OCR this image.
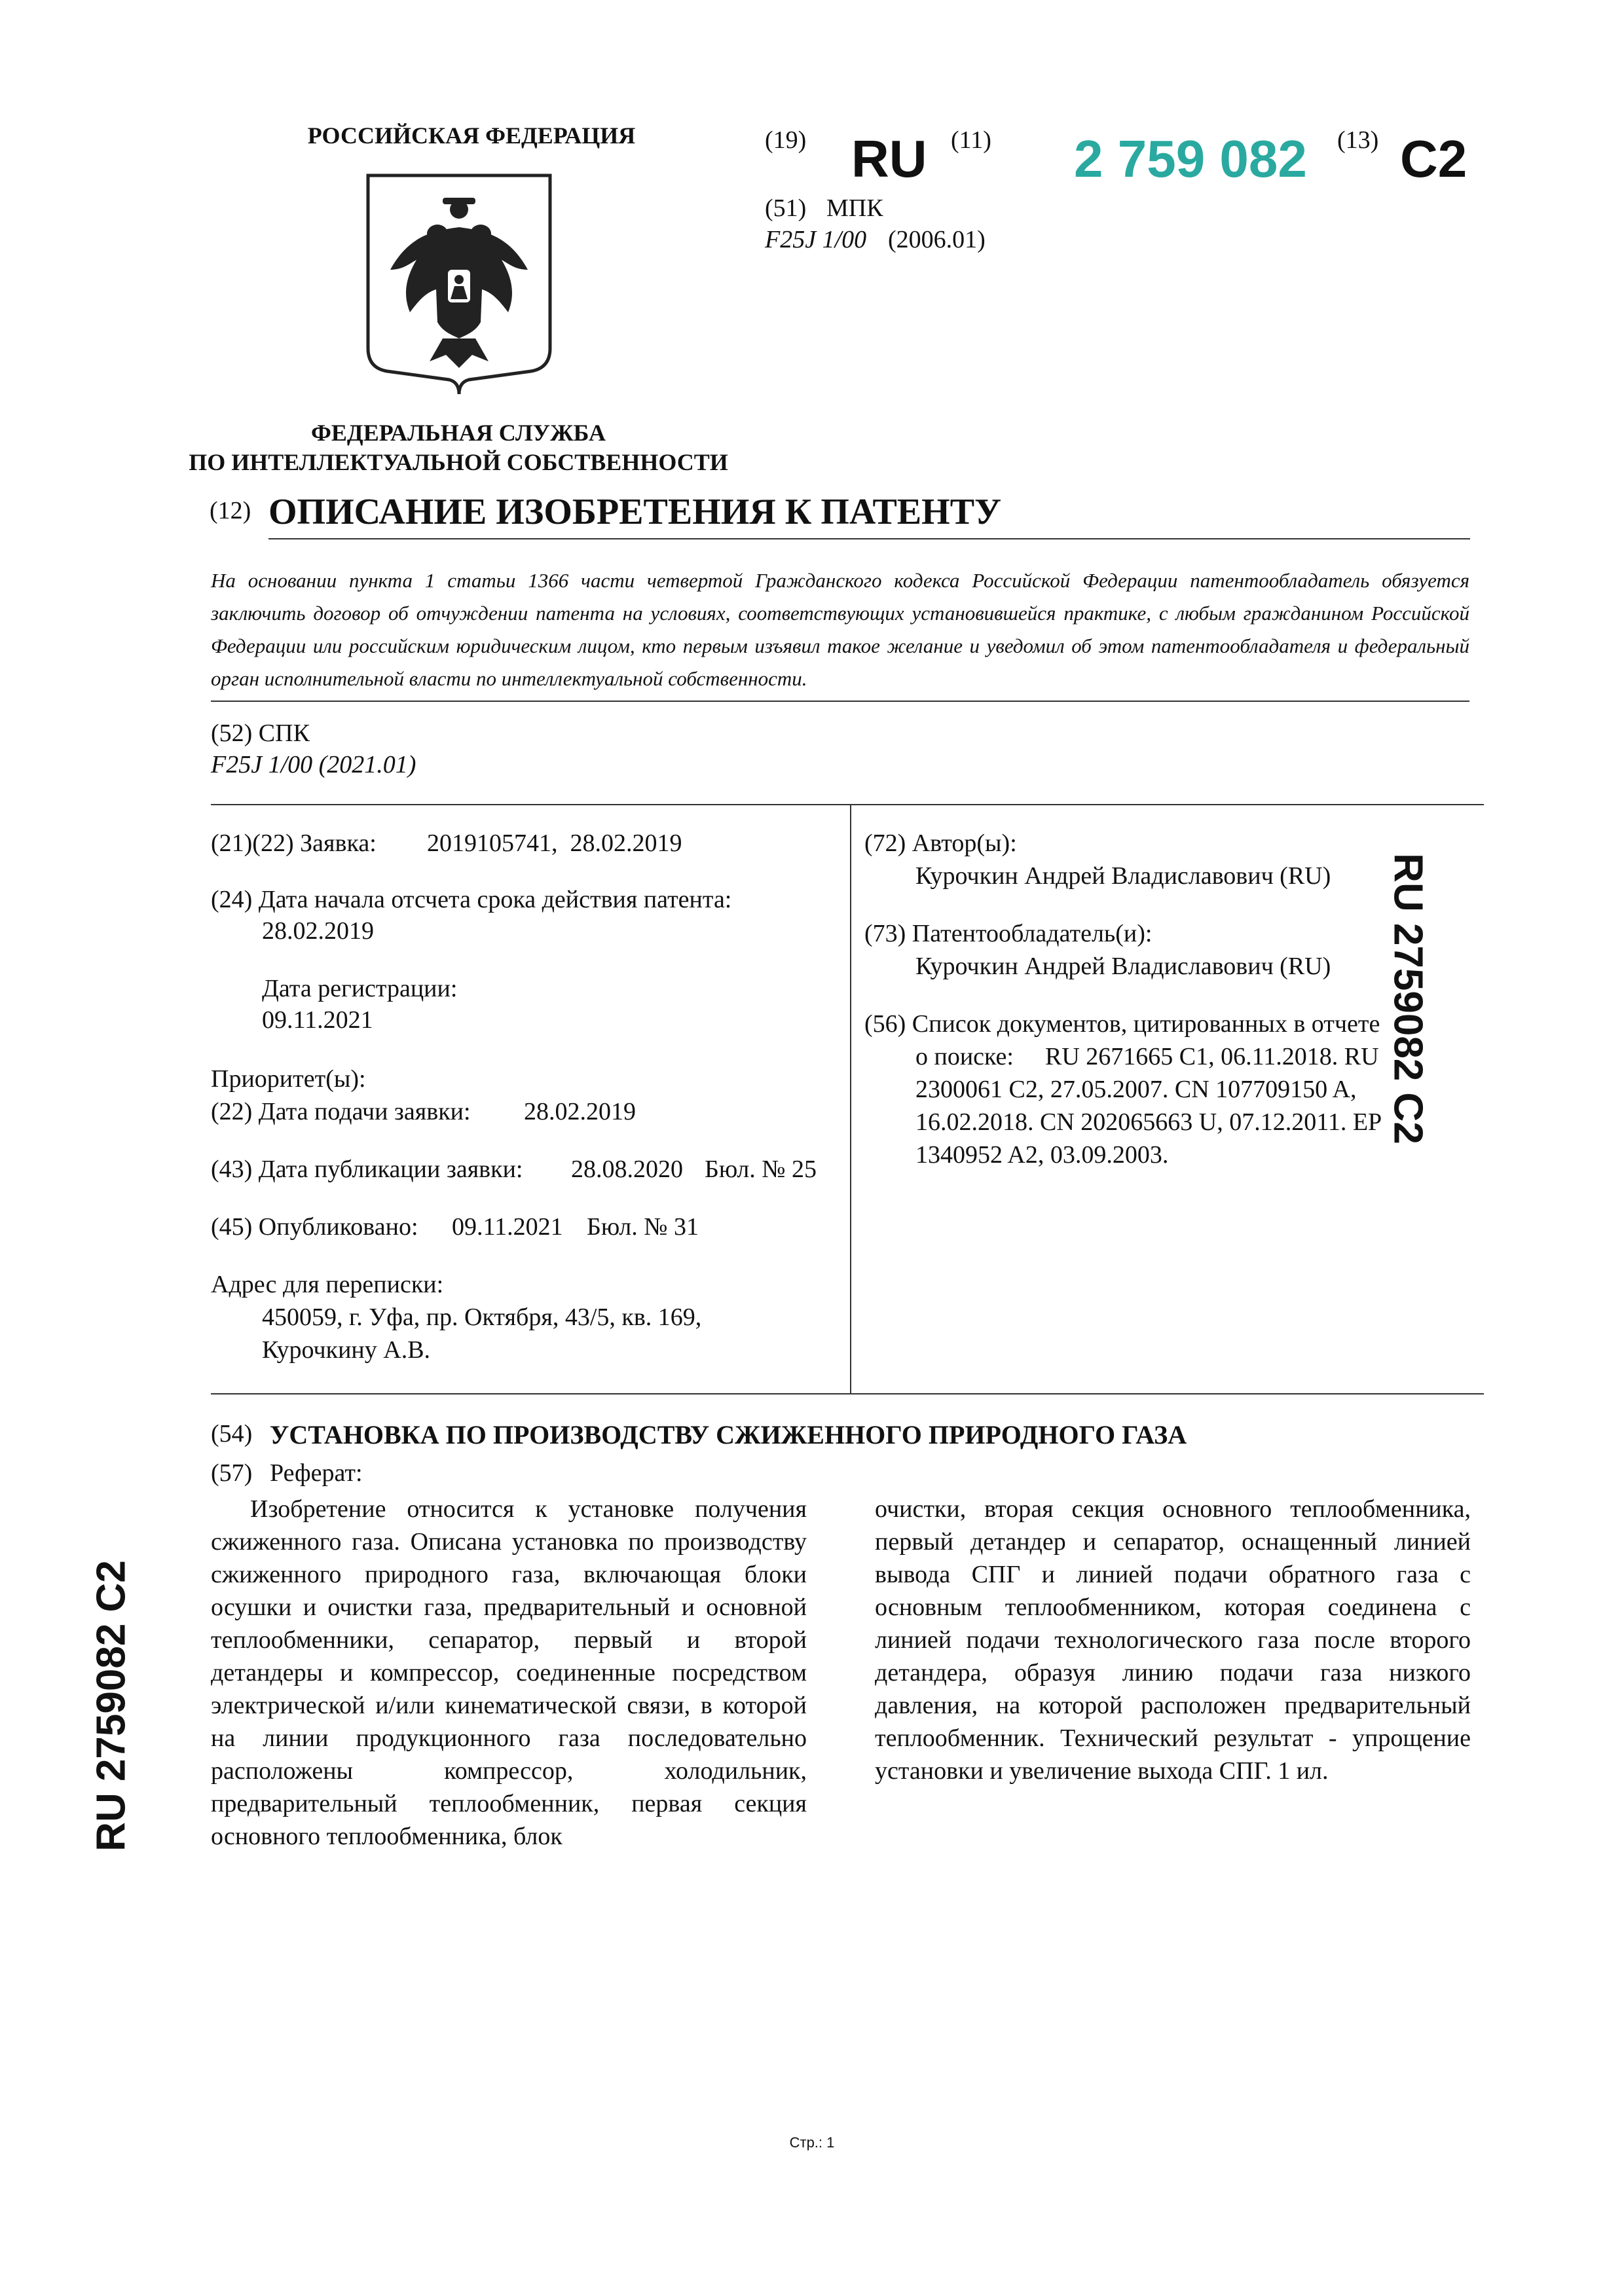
РОССИЙСКАЯ ФЕДЕРАЦИЯ
ФЕДЕРАЛЬНАЯ СЛУЖБА
ПО ИНТЕЛЛЕКТУАЛЬНОЙ СОБСТВЕННОСТИ
(19) RU (11) 2 759 082 (13) C2
(51) МПК
F25J 1/00 (2006.01)
(12) ОПИСАНИЕ ИЗОБРЕТЕНИЯ К ПАТЕНТУ
На основании пункта 1 статьи 1366 части четвертой Гражданского кодекса Российской Федерации патентообладатель обязуется заключить договор об отчуждении патента на условиях, соответствующих установившейся практике, с любым гражданином Российской Федерации или российским юридическим лицом, кто первым изъявил такое желание и уведомил об этом патентообладателя и федеральный орган исполнительной власти по интеллектуальной собственности.
(52) СПК
F25J 1/00 (2021.01)
(21)(22) Заявка: 2019105741,  28.02.2019
(24) Дата начала отсчета срока действия патента:
28.02.2019
Дата регистрации:
09.11.2021
Приоритет(ы):
(22) Дата подачи заявки: 28.02.2019
(43) Дата публикации заявки: 28.08.2020 Бюл. № 25
(45) Опубликовано: 09.11.2021 Бюл. № 31
Адрес для переписки:
450059, г. Уфа, пр. Октября, 43/5, кв. 169,
Курочкину А.В.
(72) Автор(ы):
Курочкин Андрей Владиславович (RU)
(73) Патентообладатель(и):
Курочкин Андрей Владиславович (RU)
(56) Список документов, цитированных в отчете
о поиске: RU 2671665 C1, 06.11.2018. RU
2300061 C2, 27.05.2007. CN 107709150 A,
16.02.2018. CN 202065663 U, 07.12.2011. EP
1340952 A2, 03.09.2003.
(54) УСТАНОВКА ПО ПРОИЗВОДСТВУ СЖИЖЕННОГО ПРИРОДНОГО ГАЗА
(57) Реферат:
Изобретение относится к установке получения сжиженного газа. Описана установка по производству сжиженного природного газа, включающая блоки осушки и очистки газа, предварительный и основной теплообменники, сепаратор, первый и второй детандеры и компрессор, соединенные посредством электрической и/или кинематической связи, в которой на линии продукционного газа последовательно расположены компрессор, холодильник, предварительный теплообменник, первая секция основного теплообменника, блок
очистки, вторая секция основного теплообменника, первый детандер и сепаратор, оснащенный линией вывода СПГ и линией подачи обратного газа с основным теплообменником, которая соединена с линией подачи технологического газа после второго детандера, образуя линию подачи газа низкого давления, на которой расположен предварительный теплообменник. Технический результат - упрощение установки и увеличение выхода СПГ. 1 ил.
RU 2759082 C2
RU 2759082 C2
Стр.: 1
